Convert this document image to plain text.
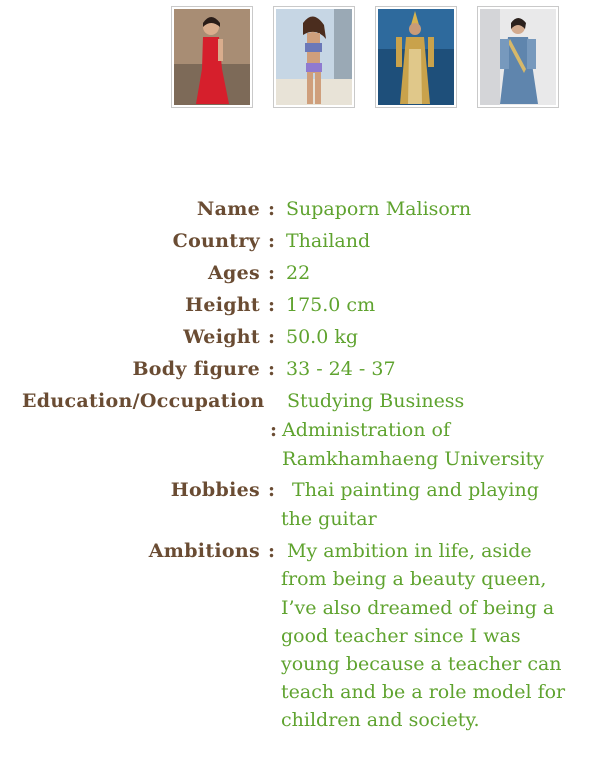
Name : Supaporn Malisorn
Country : Thailand
Ages : 22
Height : 175.0 cm
Weight : 50.0 kg
Body figure : 33 - 24 - 37
Education/Occupation Studying Business
: Administration of
Ramkhamhaeng University
Hobbies : Thai painting and playing
the guitar
Ambitions : My ambition in life, aside
from being a beauty queen,
I’ve also dreamed of being a
good teacher since I was
young because a teacher can
teach and be a role model for
children and society.
